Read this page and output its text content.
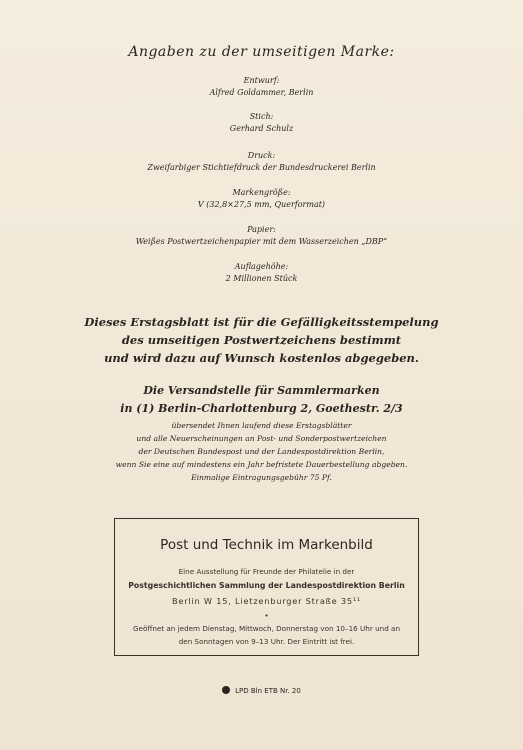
Angaben zu der umseitigen Marke:
Entwurf:
Alfred Goldammer, Berlin
Stich:
Gerhard Schulz
Druck:
Zweifarbiger Stichtiefdruck der Bundesdruckerei Berlin
Markengröße:
V (32,8×27,5 mm, Querformat)
Papier:
Weißes Postwertzeichenpapier mit dem Wasserzeichen „DBP“
Auflagehöhe:
2 Millionen Stück
Dieses Erstagsblatt ist für die Gefälligkeitsstempelung
des umseitigen Postwertzeichens bestimmt
und wird dazu auf Wunsch kostenlos abgegeben.
Die Versandstelle für Sammlermarken
in (1) Berlin-Charlottenburg 2, Goethestr. 2/3
übersendet Ihnen laufend diese Erstagsblätter
und alle Neuerscheinungen an Post- und Sonderpostwertzeichen
der Deutschen Bundespost und der Landespostdirektion Berlin,
wenn Sie eine auf mindestens ein Jahr befristete Dauerbestellung abgeben.
Einmalige Eintragungsgebühr 75 Pf.
Post und Technik im Markenbild
Eine Ausstellung für Freunde der Philatelie in der
Postgeschichtlichen Sammlung der Landespostdirektion Berlin
Berlin W 15, Lietzenburger Straße 35¹¹
•
Geöffnet an jedem Dienstag, Mittwoch, Donnerstag von 10–16 Uhr und an
den Sonntagen von 9–13 Uhr. Der Eintritt ist frei.
LPD Bln ETB Nr. 20
